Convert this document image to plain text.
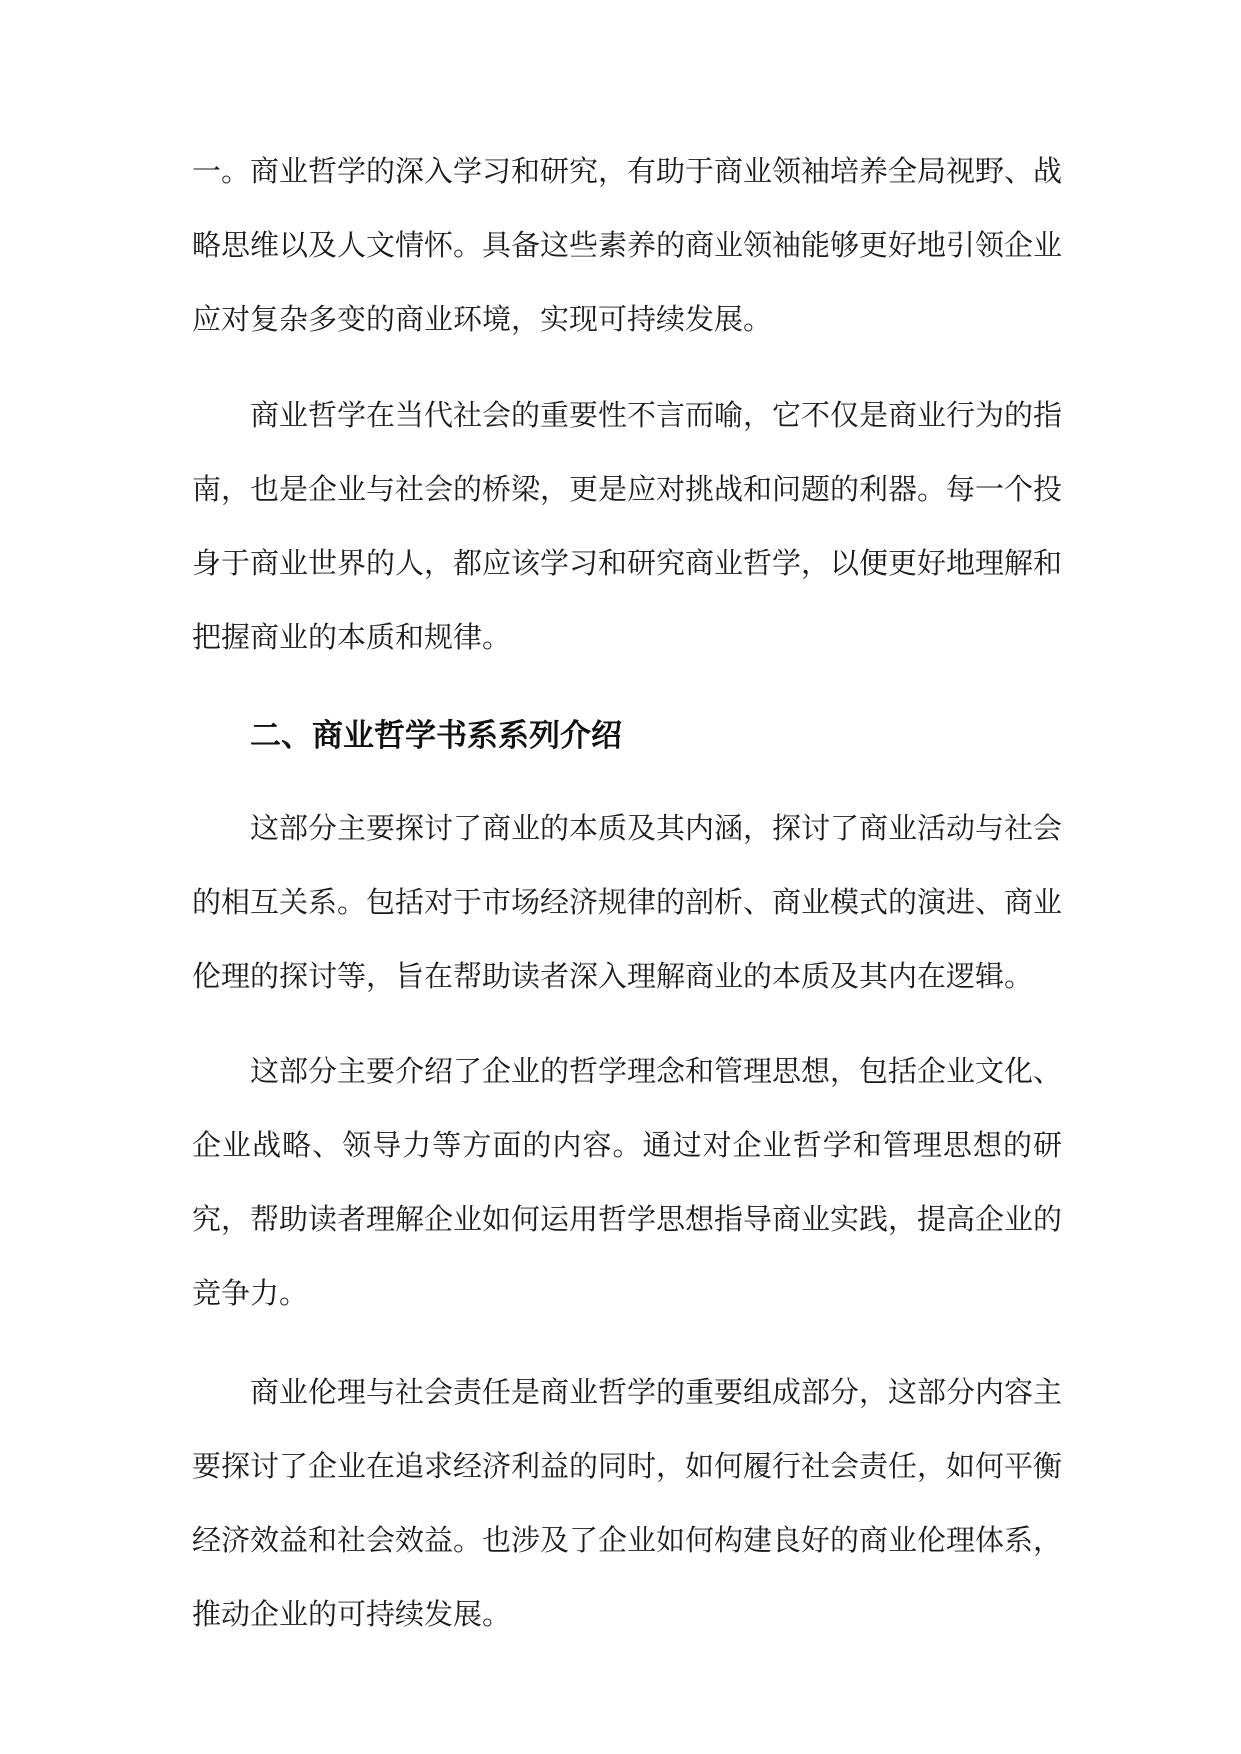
一。商业哲学的深入学习和研究，有助于商业领袖培养全局视野、战略思维以及人文情怀。具备这些素养的商业领袖能够更好地引领企业应对复杂多变的商业环境，实现可持续发展。

商业哲学在当代社会的重要性不言而喻，它不仅是商业行为的指南，也是企业与社会的桥梁，更是应对挑战和问题的利器。每一个投身于商业世界的人，都应该学习和研究商业哲学，以便更好地理解和把握商业的本质和规律。

二、商业哲学书系系列介绍

这部分主要探讨了商业的本质及其内涵，探讨了商业活动与社会的相互关系。包括对于市场经济规律的剖析、商业模式的演进、商业伦理的探讨等，旨在帮助读者深入理解商业的本质及其内在逻辑。

这部分主要介绍了企业的哲学理念和管理思想，包括企业文化、企业战略、领导力等方面的内容。通过对企业哲学和管理思想的研究，帮助读者理解企业如何运用哲学思想指导商业实践，提高企业的竞争力。

商业伦理与社会责任是商业哲学的重要组成部分，这部分内容主要探讨了企业在追求经济利益的同时，如何履行社会责任，如何平衡经济效益和社会效益。也涉及了企业如何构建良好的商业伦理体系，推动企业的可持续发展。
